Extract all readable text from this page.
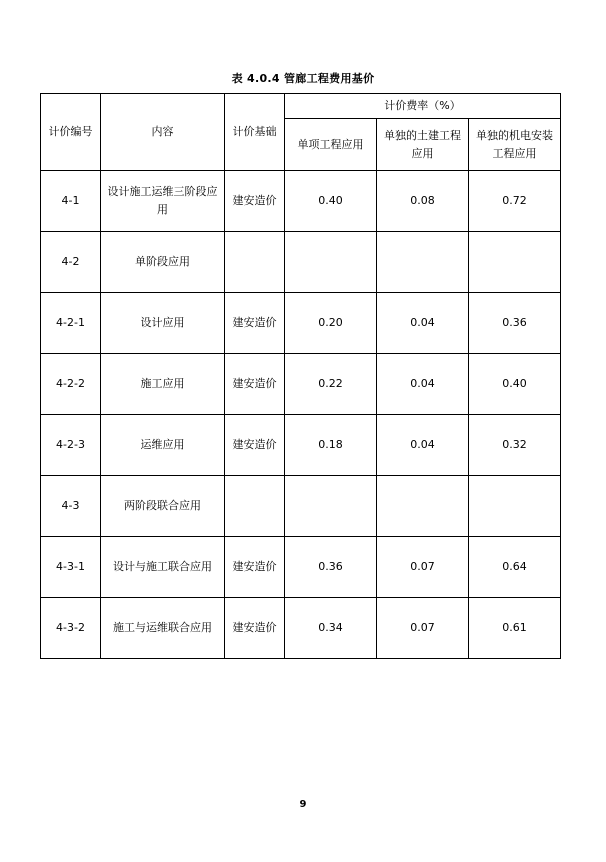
表 4.0.4 管廊工程费用基价
计价编号	内容	计价基础	计价费率（%）		
			单项工程应用	单独的土建工程应用	单独的机电安装工程应用
4-1	设计施工运维三阶段应用	建安造价	0.40	0.08	0.72
4-2	单阶段应用				
4-2-1	设计应用	建安造价	0.20	0.04	0.36
4-2-2	施工应用	建安造价	0.22	0.04	0.40
4-2-3	运维应用	建安造价	0.18	0.04	0.32
4-3	两阶段联合应用				
4-3-1	设计与施工联合应用	建安造价	0.36	0.07	0.64
4-3-2	施工与运维联合应用	建安造价	0.34	0.07	0.61
9
